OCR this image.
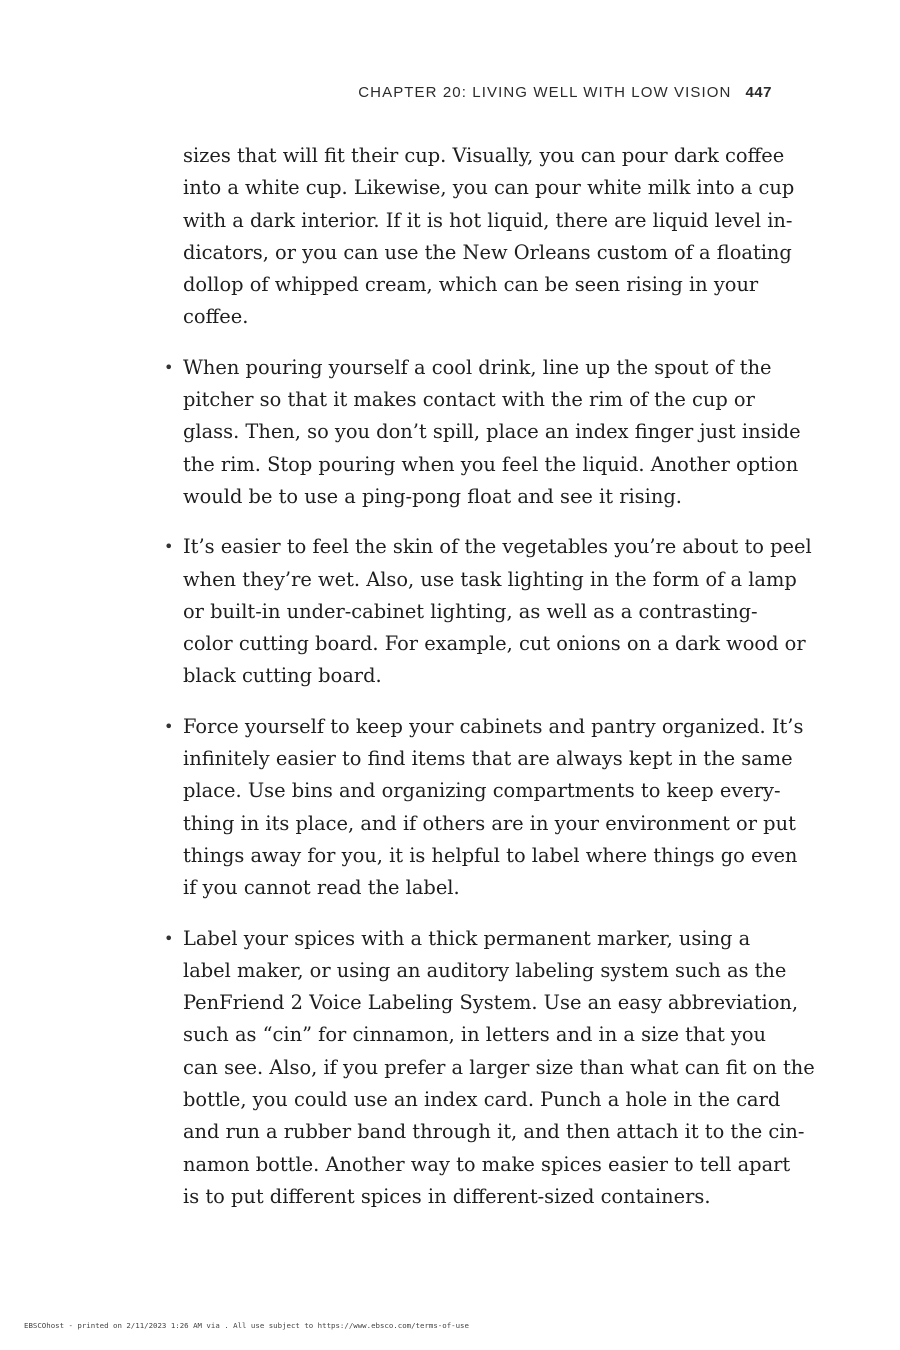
CHAPTER 20: LIVING WELL WITH LOW VISION 447

sizes that will fit their cup. Visually, you can pour dark coffee
into a white cup. Likewise, you can pour white milk into a cup
with a dark interior. If it is hot liquid, there are liquid level in-
dicators, or you can use the New Orleans custom of a floating
dollop of whipped cream, which can be seen rising in your
coffee.

• When pouring yourself a cool drink, line up the spout of the
pitcher so that it makes contact with the rim of the cup or
glass. Then, so you don’t spill, place an index finger just inside
the rim. Stop pouring when you feel the liquid. Another option
would be to use a ping-pong float and see it rising.
• It’s easier to feel the skin of the vegetables you’re about to peel
when they’re wet. Also, use task lighting in the form of a lamp
or built-in under-cabinet lighting, as well as a contrasting-
color cutting board. For example, cut onions on a dark wood or
black cutting board.
• Force yourself to keep your cabinets and pantry organized. It’s
infinitely easier to find items that are always kept in the same
place. Use bins and organizing compartments to keep every-
thing in its place, and if others are in your environment or put
things away for you, it is helpful to label where things go even
if you cannot read the label.
• Label your spices with a thick permanent marker, using a
label maker, or using an auditory labeling system such as the
PenFriend 2 Voice Labeling System. Use an easy abbreviation,
such as “cin” for cinnamon, in letters and in a size that you
can see. Also, if you prefer a larger size than what can fit on the
bottle, you could use an index card. Punch a hole in the card
and run a rubber band through it, and then attach it to the cin-
namon bottle. Another way to make spices easier to tell apart
is to put different spices in different-sized containers.
EBSCOhost - printed on 2/11/2023 1:26 AM via . All use subject to https://www.ebsco.com/terms-of-use
